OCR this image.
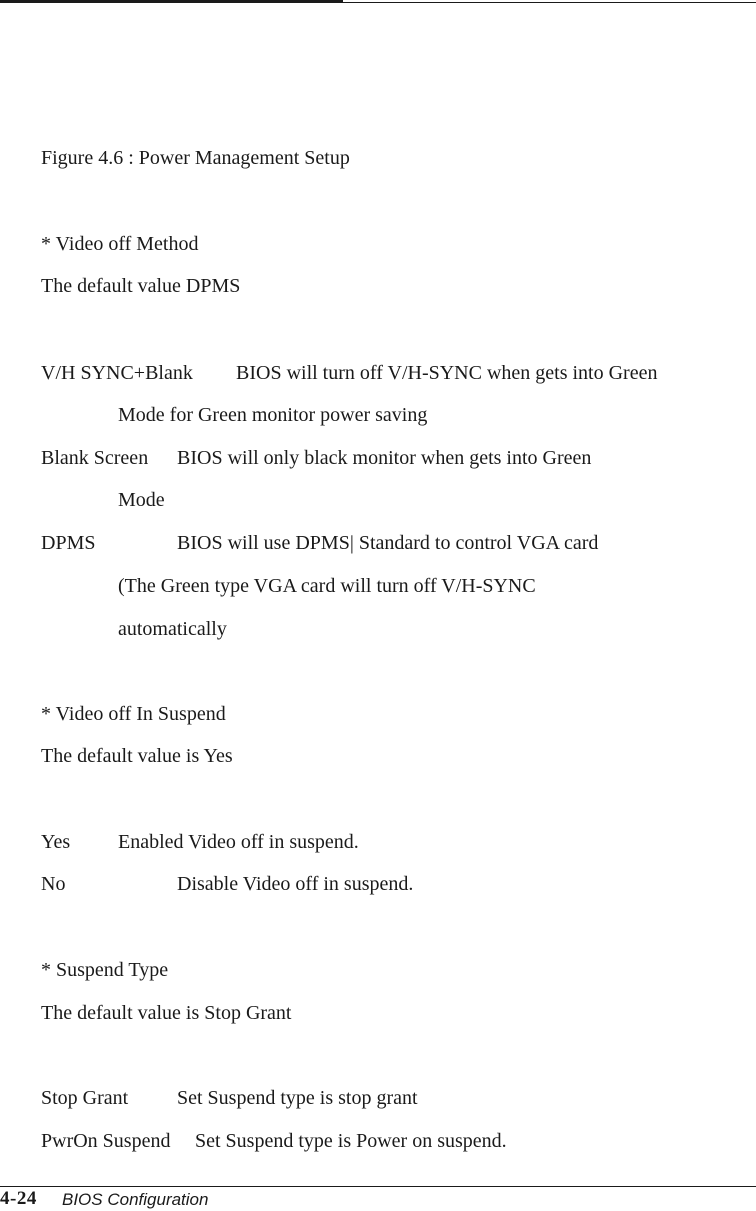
Figure 4.6 : Power Management Setup
* Video off Method
The default value DPMS
V/H SYNC+Blank BIOS will turn off V/H-SYNC when gets into Green
Mode for Green monitor power saving
Blank Screen BIOS will only black monitor when gets into Green
Mode
DPMS	BIOS will use DPMS| Standard to control VGA card
(The Green type VGA card will turn off V/H-SYNC
automatically
* Video off In Suspend
The default value is Yes
Yes Enabled Video off in suspend.
No	Disable Video off in suspend.
* Suspend Type
The default value is Stop Grant
Stop Grant Set Suspend type is stop grant
PwrOn Suspend Set Suspend type is Power on suspend.
4-24 BIOS Configuration
